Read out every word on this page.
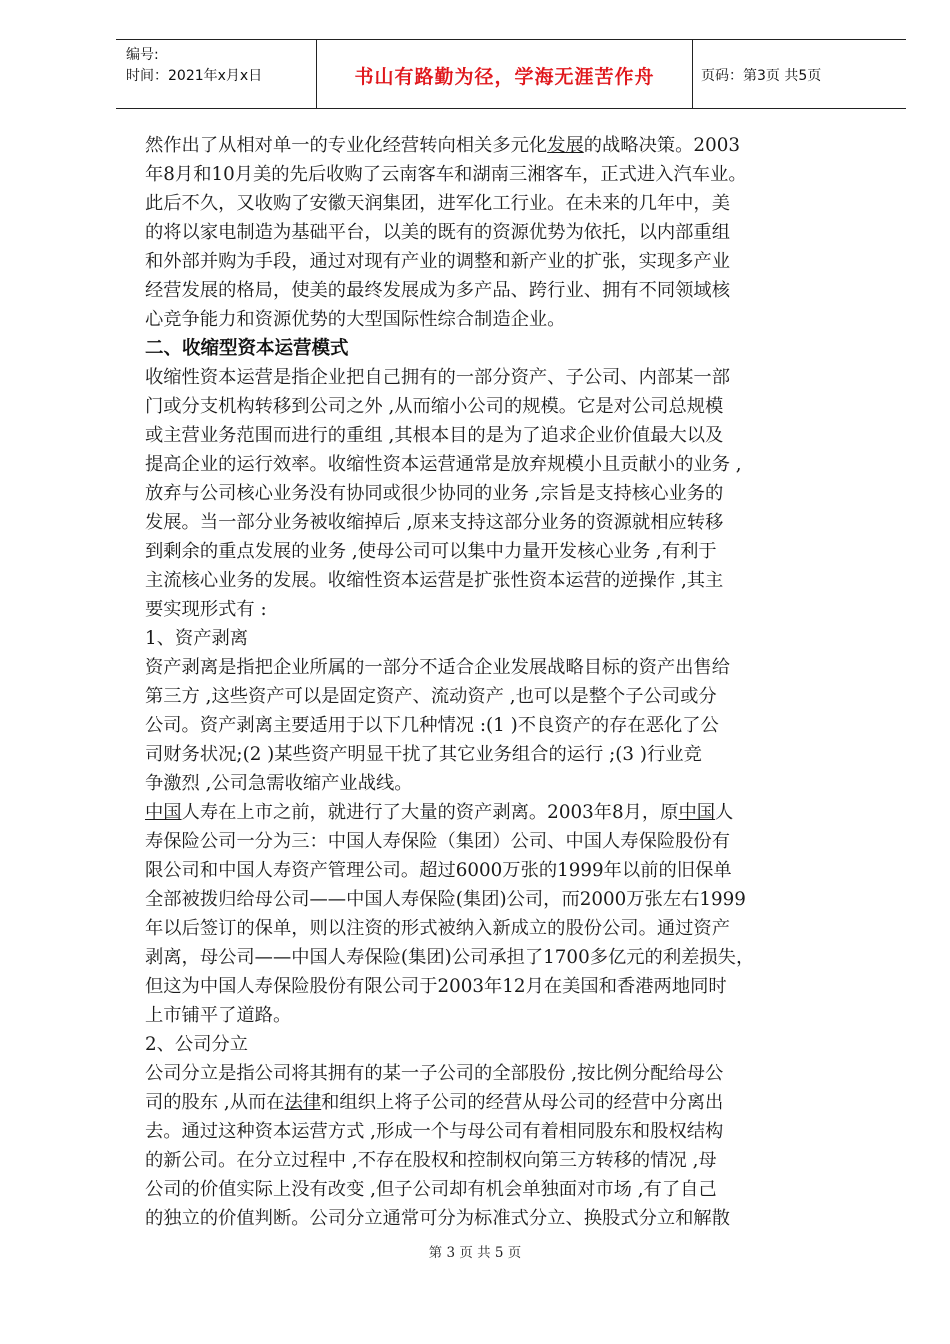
编号:
时间：2021年x月x日	书山有路勤为径，学海无涯苦作舟	页码：第3页 共5页
然作出了从相对单一的专业化经营转向相关多元化发展的战略决策。2003
年8月和10月美的先后收购了云南客车和湖南三湘客车，正式进入汽车业。
此后不久，又收购了安徽天润集团，进军化工行业。在未来的几年中，美
的将以家电制造为基础平台，以美的既有的资源优势为依托，以内部重组
和外部并购为手段，通过对现有产业的调整和新产业的扩张，实现多产业
经营发展的格局，使美的最终发展成为多产品、跨行业、拥有不同领域核
心竞争能力和资源优势的大型国际性综合制造企业。
二、收缩型资本运营模式
收缩性资本运营是指企业把自己拥有的一部分资产、子公司、内部某一部
门或分支机构转移到公司之外 ,从而缩小公司的规模。它是对公司总规模
或主营业务范围而进行的重组 ,其根本目的是为了追求企业价值最大以及
提高企业的运行效率。收缩性资本运营通常是放弃规模小且贡献小的业务 ,
放弃与公司核心业务没有协同或很少协同的业务 ,宗旨是支持核心业务的
发展。当一部分业务被收缩掉后 ,原来支持这部分业务的资源就相应转移
到剩余的重点发展的业务 ,使母公司可以集中力量开发核心业务 ,有利于
主流核心业务的发展。收缩性资本运营是扩张性资本运营的逆操作 ,其主
要实现形式有 :
1、资产剥离
资产剥离是指把企业所属的一部分不适合企业发展战略目标的资产出售给
第三方 ,这些资产可以是固定资产、流动资产 ,也可以是整个子公司或分
公司。资产剥离主要适用于以下几种情况 :(1 )不良资产的存在恶化了公
司财务状况;(2 )某些资产明显干扰了其它业务组合的运行 ;(3 )行业竞
争激烈 ,公司急需收缩产业战线。
中国人寿在上市之前，就进行了大量的资产剥离。2003年8月，原中国人
寿保险公司一分为三：中国人寿保险（集团）公司、中国人寿保险股份有
限公司和中国人寿资产管理公司。超过6000万张的1999年以前的旧保单
全部被拨归给母公司——中国人寿保险(集团)公司，而2000万张左右1999
年以后签订的保单，则以注资的形式被纳入新成立的股份公司。通过资产
剥离，母公司——中国人寿保险(集团)公司承担了1700多亿元的利差损失，
但这为中国人寿保险股份有限公司于2003年12月在美国和香港两地同时
上市铺平了道路。
2、公司分立
公司分立是指公司将其拥有的某一子公司的全部股份 ,按比例分配给母公
司的股东 ,从而在法律和组织上将子公司的经营从母公司的经营中分离出
去。通过这种资本运营方式 ,形成一个与母公司有着相同股东和股权结构
的新公司。在分立过程中 ,不存在股权和控制权向第三方转移的情况 ,母
公司的价值实际上没有改变 ,但子公司却有机会单独面对市场 ,有了自己
的独立的价值判断。公司分立通常可分为标准式分立、换股式分立和解散
第 3 页 共 5 页
